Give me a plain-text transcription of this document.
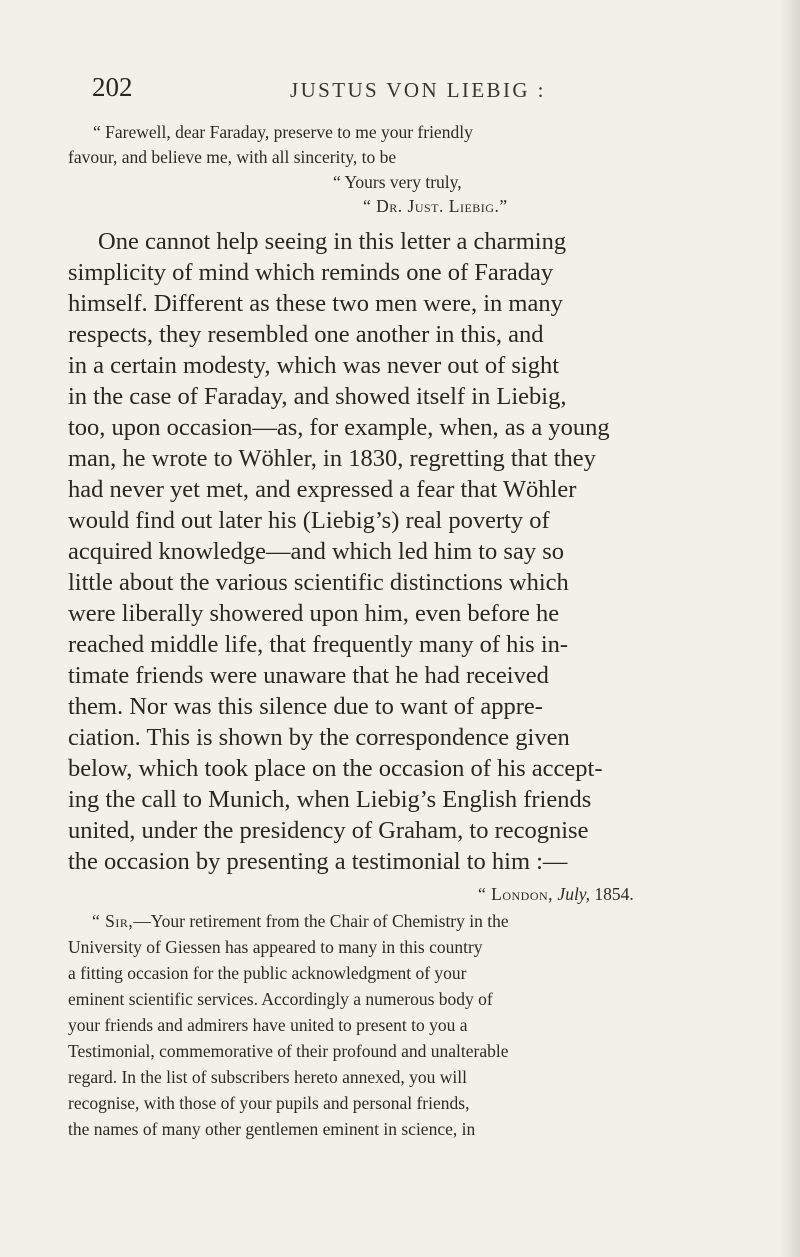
202	JUSTUS VON LIEBIG :
“ Farewell, dear Faraday, preserve to me your friendly
favour, and believe me, with all sincerity, to be
“ Yours very truly,
“ Dr. Just. Liebig.”
One cannot help seeing in this letter a charming
simplicity of mind which reminds one of Faraday
himself. Different as these two men were, in many
respects, they resembled one another in this, and
in a certain modesty, which was never out of sight
in the case of Faraday, and showed itself in Liebig,
too, upon occasion—as, for example, when, as a young
man, he wrote to Wöhler, in 1830, regretting that they
had never yet met, and expressed a fear that Wöhler
would find out later his (Liebig’s) real poverty of
acquired knowledge—and which led him to say so
little about the various scientific distinctions which
were liberally showered upon him, even before he
reached middle life, that frequently many of his in-
timate friends were unaware that he had received
them. Nor was this silence due to want of appre-
ciation. This is shown by the correspondence given
below, which took place on the occasion of his accept-
ing the call to Munich, when Liebig’s English friends
united, under the presidency of Graham, to recognise
the occasion by presenting a testimonial to him :—
“ London, July, 1854.
“ Sir,—Your retirement from the Chair of Chemistry in the
University of Giessen has appeared to many in this country
a fitting occasion for the public acknowledgment of your
eminent scientific services. Accordingly a numerous body of
your friends and admirers have united to present to you a
Testimonial, commemorative of their profound and unalterable
regard. In the list of subscribers hereto annexed, you will
recognise, with those of your pupils and personal friends,
the names of many other gentlemen eminent in science, in
